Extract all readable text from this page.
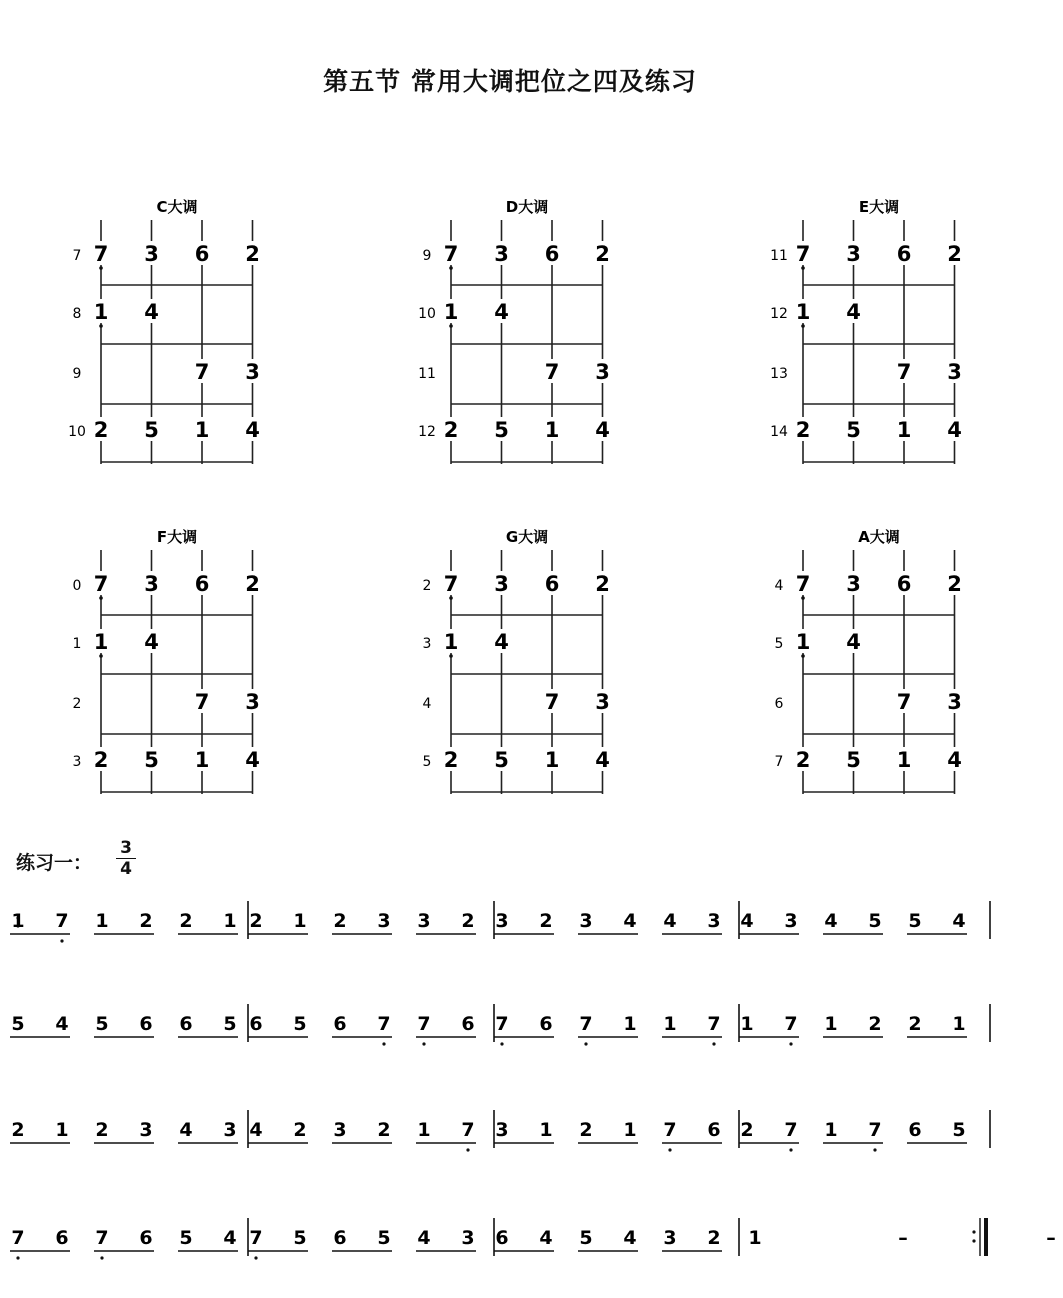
第五节 常用大调把位之四及练习
C大调
7
8
9
10
7 3 6 2
1 4
7 3
2 5 1 4
D大调
9
10
11
12
7 3 6 2
1 4
7 3
2 5 1 4
E大调
11
12
13
14
7 3 6 2
1 4
7 3
2 5 1 4
F大调
0
1
2
3
7 3 6 2
1 4
7 3
2 5 1 4
G大调
2
3
4
5
7 3 6 2
1 4
7 3
2 5 1 4
A大调
4
5
6
7
7 3 6 2
1 4
7 3
2 5 1 4
练习一：
3
4
1 7 1 2 2 1 2 1 2 3 3 2 3 2 3 4 4 3 4 3 4 5 5 4
5 4 5 6 6 5 6 5 6 7 7 6 7 6 7 1 1 7 1 7 1 2 2 1
2 1 2 3 4 3 4 2 3 2 1 7 3 1 2 1 7 6 2 7 1 7 6 5
7 6 7 6 5 4 7 5 6 5 4 3 6 4 5 4 3 2 1	–	–
